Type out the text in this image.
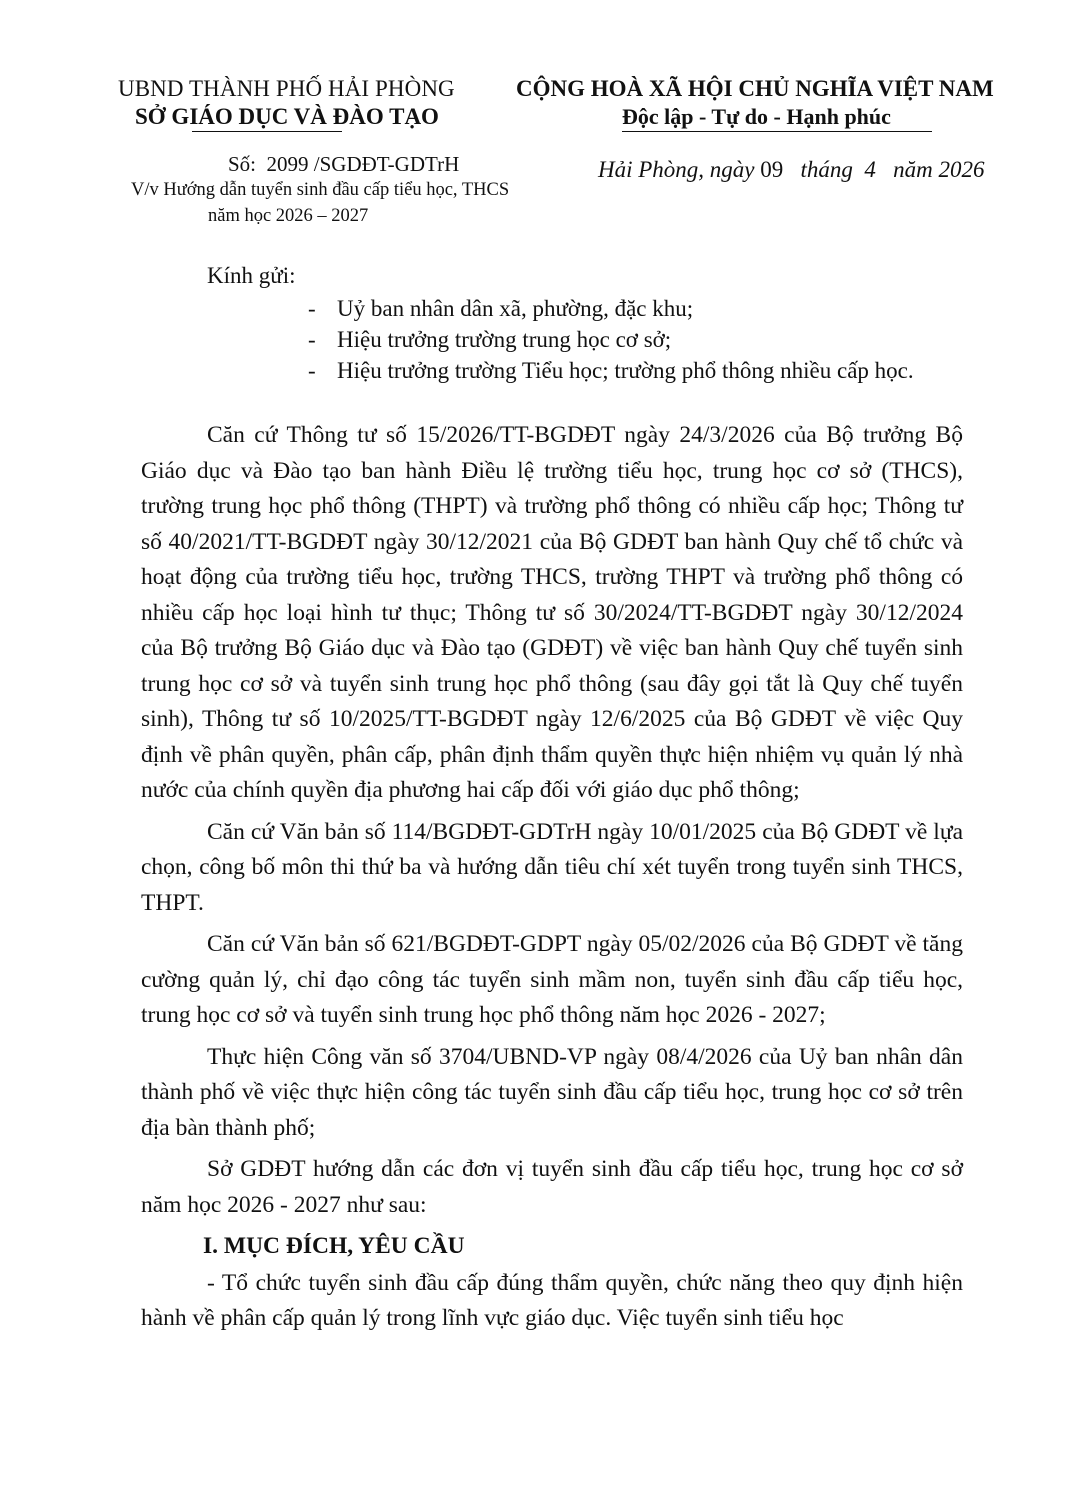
UBND THÀNH PHỐ HẢI PHÒNG
SỞ GIÁO DỤC VÀ ĐÀO TẠO
CỘNG HOÀ XÃ HỘI CHỦ NGHĨA VIỆT NAM
Độc lập - Tự do - Hạnh phúc
Số: 2099 /SGDĐT-GDTrH
V/v Hướng dẫn tuyển sinh đầu cấp tiểu học, THCS
năm học 2026 – 2027
Hải Phòng, ngày 09 tháng 4 năm 2026
Kính gửi:
- Uỷ ban nhân dân xã, phường, đặc khu;
- Hiệu trưởng trường trung học cơ sở;
- Hiệu trưởng trường Tiểu học; trường phổ thông nhiều cấp học.

Căn cứ Thông tư số 15/2026/TT-BGDĐT ngày 24/3/2026 của Bộ trưởng Bộ Giáo dục và Đào tạo ban hành Điều lệ trường tiểu học, trung học cơ sở (THCS), trường trung học phổ thông (THPT) và trường phổ thông có nhiều cấp học; Thông tư số 40/2021/TT-BGDĐT ngày 30/12/2021 của Bộ GDĐT ban hành Quy chế tổ chức và hoạt động của trường tiểu học, trường THCS, trường THPT và trường phổ thông có nhiều cấp học loại hình tư thục; Thông tư số 30/2024/TT-BGDĐT ngày 30/12/2024 của Bộ trưởng Bộ Giáo dục và Đào tạo (GDĐT) về việc ban hành Quy chế tuyển sinh trung học cơ sở và tuyển sinh trung học phổ thông (sau đây gọi tắt là Quy chế tuyển sinh), Thông tư số 10/2025/TT-BGDĐT ngày 12/6/2025 của Bộ GDĐT về việc Quy định về phân quyền, phân cấp, phân định thẩm quyền thực hiện nhiệm vụ quản lý nhà nước của chính quyền địa phương hai cấp đối với giáo dục phổ thông;

Căn cứ Văn bản số 114/BGDĐT-GDTrH ngày 10/01/2025 của Bộ GDĐT về lựa chọn, công bố môn thi thứ ba và hướng dẫn tiêu chí xét tuyển trong tuyển sinh THCS, THPT.

Căn cứ Văn bản số 621/BGDĐT-GDPT ngày 05/02/2026 của Bộ GDĐT về tăng cường quản lý, chỉ đạo công tác tuyển sinh mầm non, tuyển sinh đầu cấp tiểu học, trung học cơ sở và tuyển sinh trung học phổ thông năm học 2026 - 2027;

Thực hiện Công văn số 3704/UBND-VP ngày 08/4/2026 của Uỷ ban nhân dân thành phố về việc thực hiện công tác tuyển sinh đầu cấp tiểu học, trung học cơ sở trên địa bàn thành phố;

Sở GDĐT hướng dẫn các đơn vị tuyển sinh đầu cấp tiểu học, trung học cơ sở năm học 2026 - 2027 như sau:

I. MỤC ĐÍCH, YÊU CẦU

- Tổ chức tuyển sinh đầu cấp đúng thẩm quyền, chức năng theo quy định hiện hành về phân cấp quản lý trong lĩnh vực giáo dục. Việc tuyển sinh tiểu học
